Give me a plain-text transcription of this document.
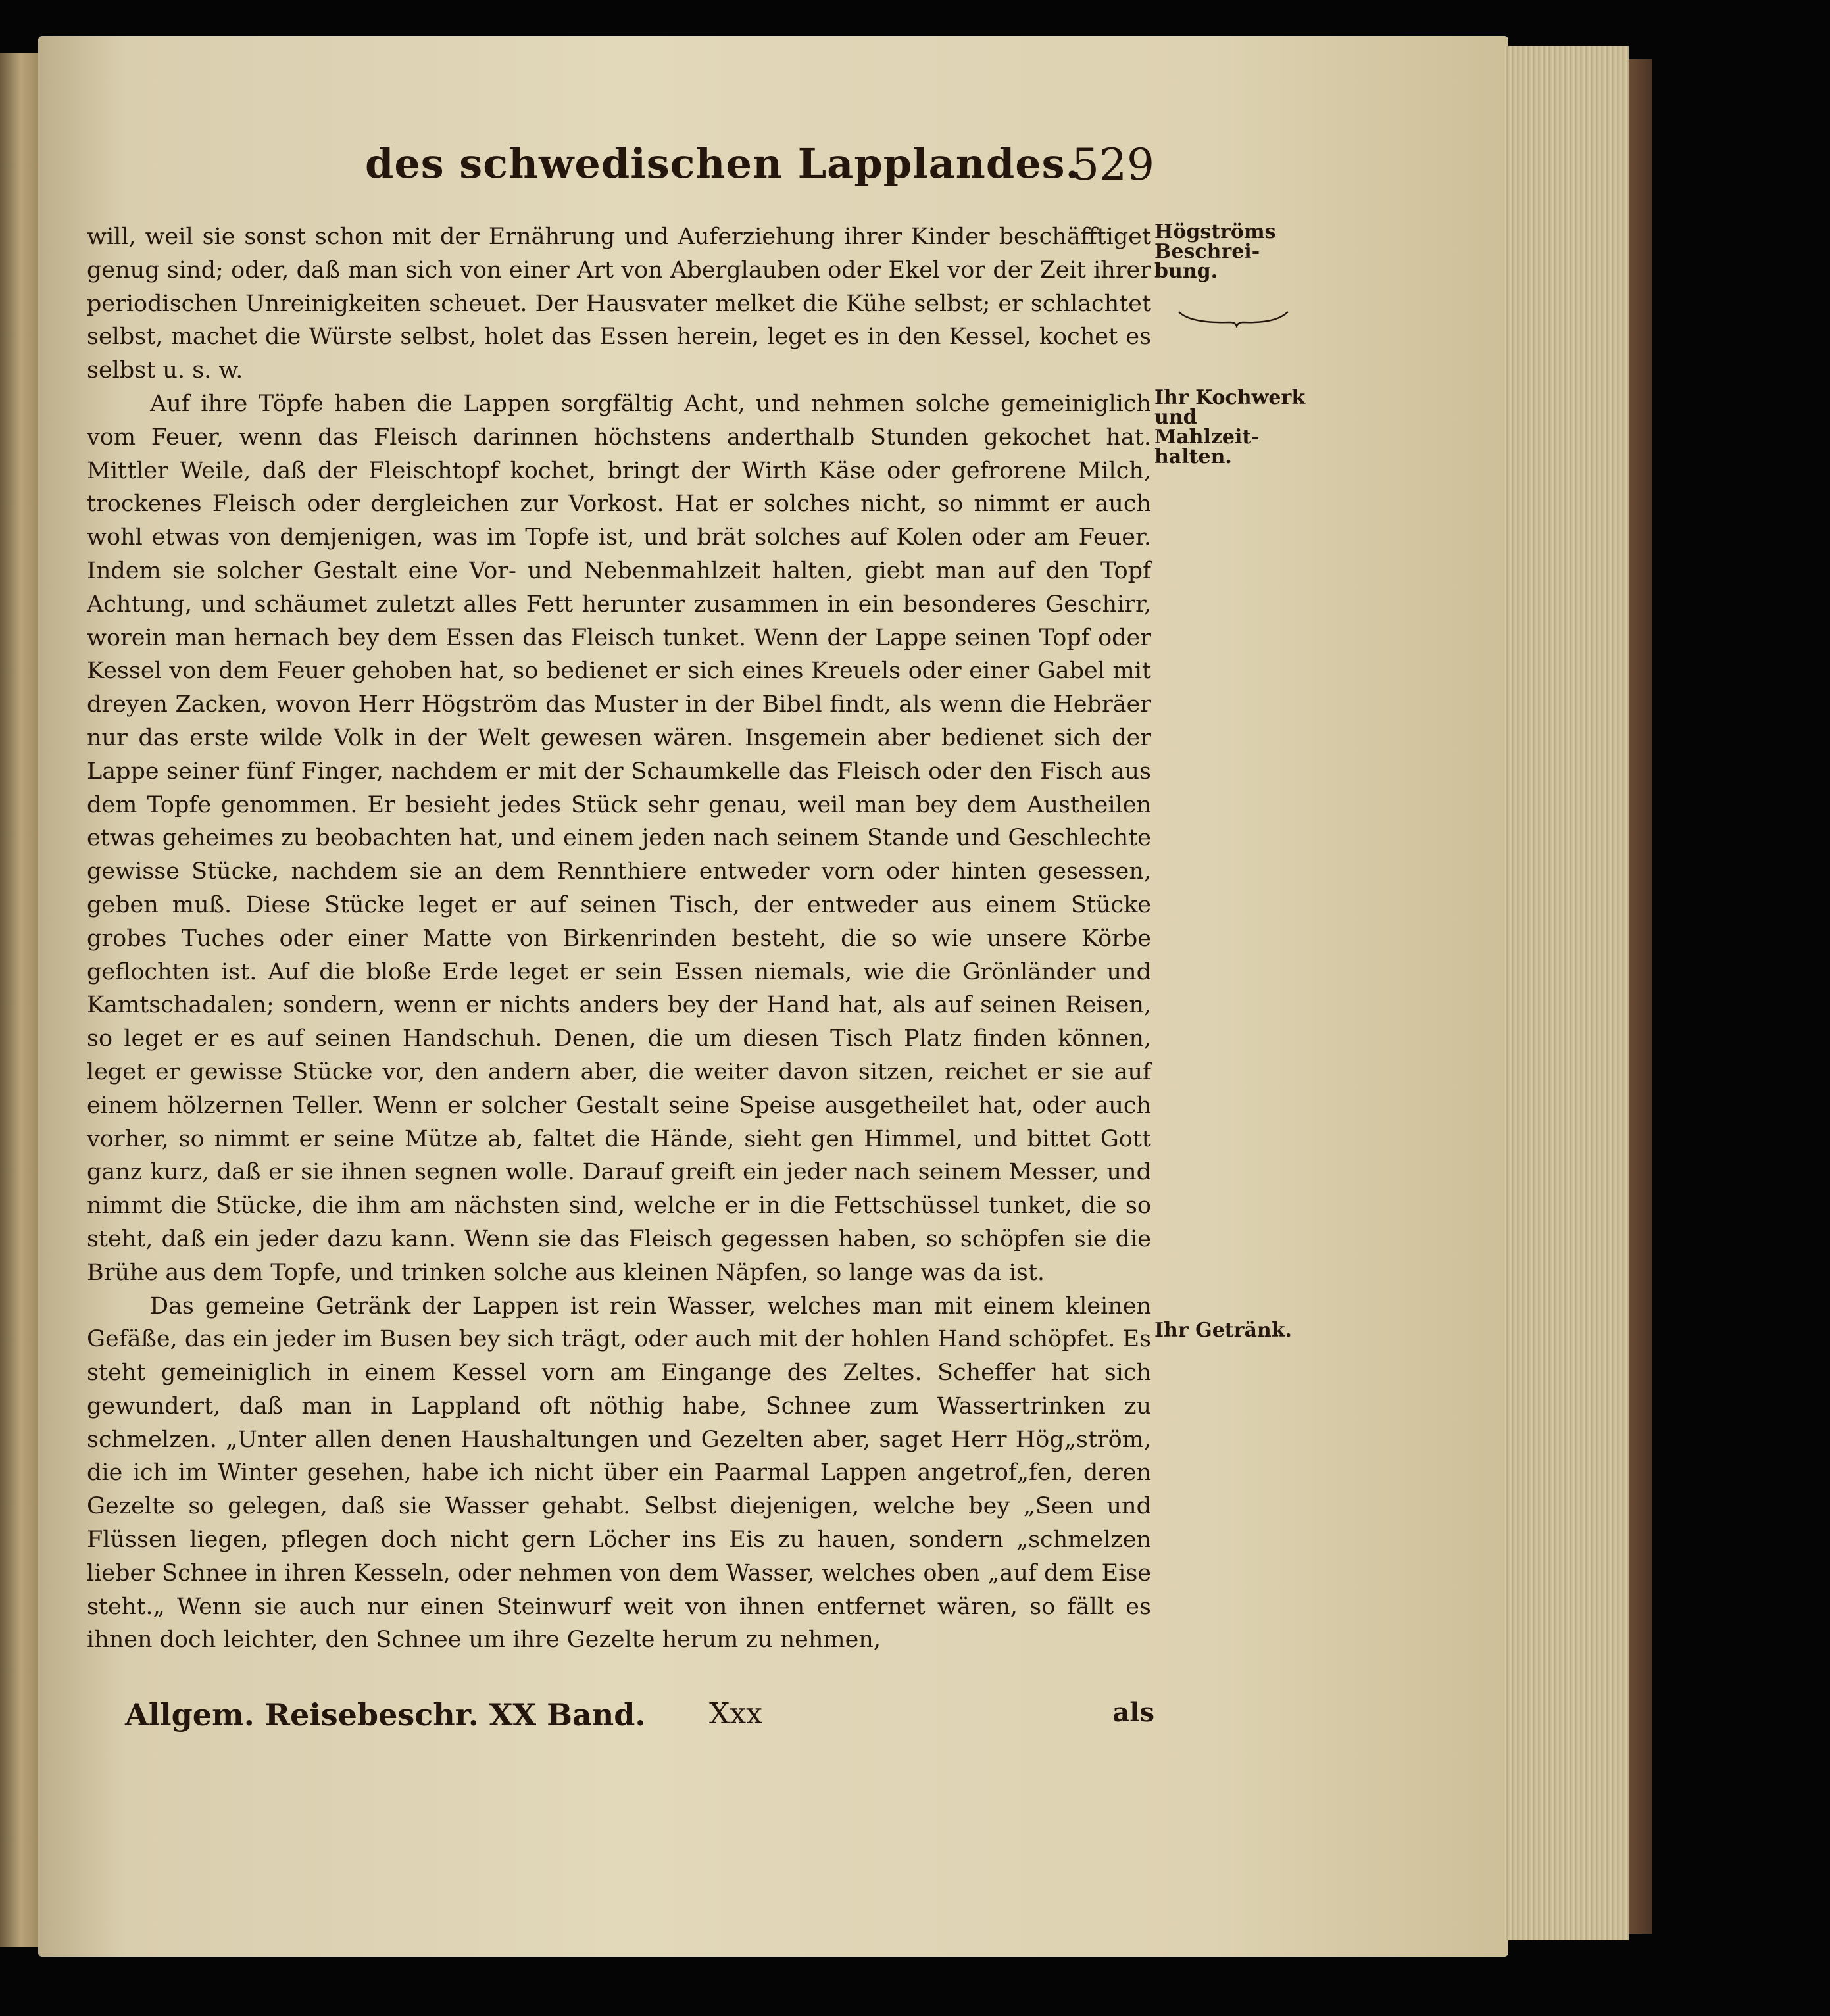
des schwedischen Lapplandes.
529

will, weil sie sonst schon mit der Ernährung und Auferziehung ihrer Kinder beschäfftiget genug sind; oder, daß man sich von einer Art von Aberglauben oder Ekel vor der Zeit ihrer periodischen Unreinigkeiten scheuet. Der Hausvater melket die Kühe selbst; er schlachtet selbst, machet die Würste selbst, holet das Essen herein, leget es in den Kessel, kochet es selbst u. s. w.

Auf ihre Töpfe haben die Lappen sorgfältig Acht, und nehmen solche gemeiniglich vom Feuer, wenn das Fleisch darinnen höchstens anderthalb Stunden gekochet hat. Mittler Weile, daß der Fleischtopf kochet, bringt der Wirth Käse oder gefrorene Milch, trockenes Fleisch oder dergleichen zur Vorkost. Hat er solches nicht, so nimmt er auch wohl etwas von demjenigen, was im Topfe ist, und brät solches auf Kolen oder am Feuer. Indem sie solcher Gestalt eine Vor- und Nebenmahlzeit halten, giebt man auf den Topf Achtung, und schäumet zuletzt alles Fett herunter zusammen in ein besonderes Geschirr, worein man hernach bey dem Essen das Fleisch tunket. Wenn der Lappe seinen Topf oder Kessel von dem Feuer gehoben hat, so bedienet er sich eines Kreuels oder einer Gabel mit dreyen Zacken, wovon Herr Högström das Muster in der Bibel findt, als wenn die Hebräer nur das erste wilde Volk in der Welt gewesen wären. Insgemein aber bedienet sich der Lappe seiner fünf Finger, nachdem er mit der Schaumkelle das Fleisch oder den Fisch aus dem Topfe genommen. Er besieht jedes Stück sehr genau, weil man bey dem Austheilen etwas geheimes zu beobachten hat, und einem jeden nach seinem Stande und Geschlechte gewisse Stücke, nachdem sie an dem Rennthiere entweder vorn oder hinten gesessen, geben muß. Diese Stücke leget er auf seinen Tisch, der entweder aus einem Stücke grobes Tuches oder einer Matte von Birkenrinden besteht, die so wie unsere Körbe geflochten ist. Auf die bloße Erde leget er sein Essen niemals, wie die Grönländer und Kamtschadalen; sondern, wenn er nichts anders bey der Hand hat, als auf seinen Reisen, so leget er es auf seinen Handschuh. Denen, die um diesen Tisch Platz finden können, leget er gewisse Stücke vor, den andern aber, die weiter davon sitzen, reichet er sie auf einem hölzernen Teller. Wenn er solcher Gestalt seine Speise ausgetheilet hat, oder auch vorher, so nimmt er seine Mütze ab, faltet die Hände, sieht gen Himmel, und bittet Gott ganz kurz, daß er sie ihnen segnen wolle. Darauf greift ein jeder nach seinem Messer, und nimmt die Stücke, die ihm am nächsten sind, welche er in die Fettschüssel tunket, die so steht, daß ein jeder dazu kann. Wenn sie das Fleisch gegessen haben, so schöpfen sie die Brühe aus dem Topfe, und trinken solche aus kleinen Näpfen, so lange was da ist.

Das gemeine Getränk der Lappen ist rein Wasser, welches man mit einem kleinen Gefäße, das ein jeder im Busen bey sich trägt, oder auch mit der hohlen Hand schöpfet. Es steht gemeiniglich in einem Kessel vorn am Eingange des Zeltes. Scheffer hat sich gewundert, daß man in Lappland oft nöthig habe, Schnee zum Wassertrinken zu schmelzen. „Unter allen denen Haushaltungen und Gezelten aber, saget Herr Hög„ström, die ich im Winter gesehen, habe ich nicht über ein Paarmal Lappen angetrof„fen, deren Gezelte so gelegen, daß sie Wasser gehabt. Selbst diejenigen, welche bey „Seen und Flüssen liegen, pflegen doch nicht gern Löcher ins Eis zu hauen, sondern „schmelzen lieber Schnee in ihren Kesseln, oder nehmen von dem Wasser, welches oben „auf dem Eise steht.„ Wenn sie auch nur einen Steinwurf weit von ihnen entfernet wären, so fällt es ihnen doch leichter, den Schnee um ihre Gezelte herum zu nehmen,

Högströms
Beschrei-
bung.
Ihr Kochwerk
und Mahlzeit-
halten.
Ihr Getränk.
Allgem. Reisebeschr. XX Band. Xxx	als
